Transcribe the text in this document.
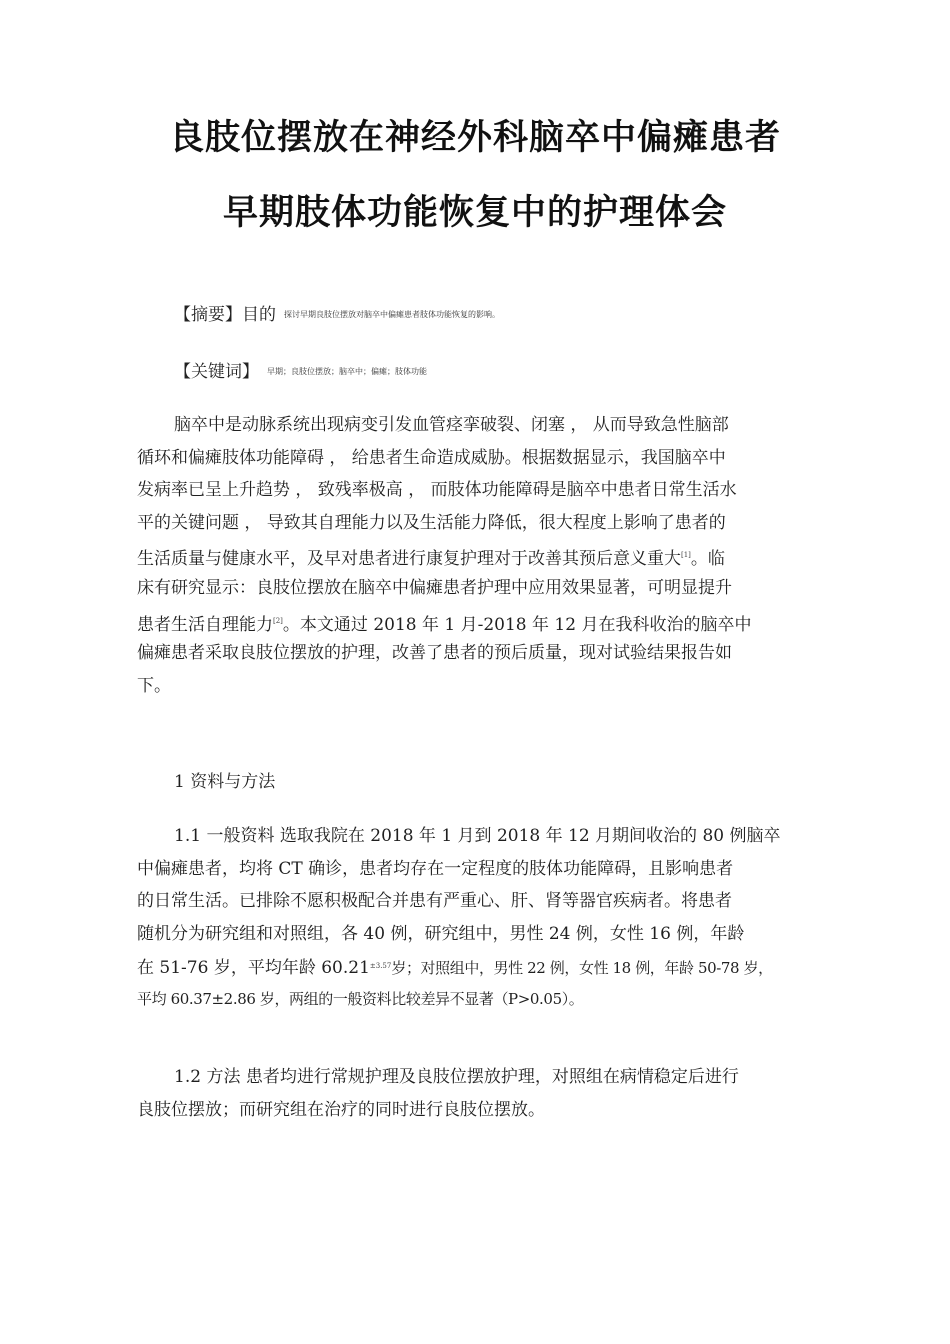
良肢位摆放在神经外科脑卒中偏瘫患者
早期肢体功能恢复中的护理体会
【摘要】目的 探讨早期良肢位摆放对脑卒中偏瘫患者肢体功能恢复的影响。
【关键词】 早期；良肢位摆放；脑卒中；偏瘫；肢体功能
脑卒中是动脉系统出现病变引发血管痉挛破裂、闭塞 ， 从而导致急性脑部
循环和偏瘫肢体功能障碍 ， 给患者生命造成威胁。根据数据显示，我国脑卒中
发病率已呈上升趋势 ， 致残率极高 ， 而肢体功能障碍是脑卒中患者日常生活水
平的关键问题 ， 导致其自理能力以及生活能力降低，很大程度上影响了患者的
生活质量与健康水平，及早对患者进行康复护理对于改善其预后意义重大[1]。临
床有研究显示：良肢位摆放在脑卒中偏瘫患者护理中应用效果显著，可明显提升
患者生活自理能力[2]。本文通过 2018 年 1 月-2018 年 12 月在我科收治的脑卒中
偏瘫患者采取良肢位摆放的护理，改善了患者的预后质量，现对试验结果报告如
下。
1 资料与方法
1.1 一般资料 选取我院在 2018 年 1 月到 2018 年 12 月期间收治的 80 例脑卒
中偏瘫患者，均将 CT 确诊，患者均存在一定程度的肢体功能障碍，且影响患者
的日常生活。已排除不愿积极配合并患有严重心、肝、肾等器官疾病者。将患者
随机分为研究组和对照组，各 40 例，研究组中，男性 24 例，女性 16 例，年龄
在 51-76 岁，平均年龄 $60.21^{\pm 3.57}$岁；对照组中，男性 22 例，女性 18 例，年龄 50-78 岁，
平均 60.37±2.86 岁，两组的一般资料比较差异不显著（P>0.05）。
1.2 方法 患者均进行常规护理及良肢位摆放护理，对照组在病情稳定后进行
良肢位摆放；而研究组在治疗的同时进行良肢位摆放。
